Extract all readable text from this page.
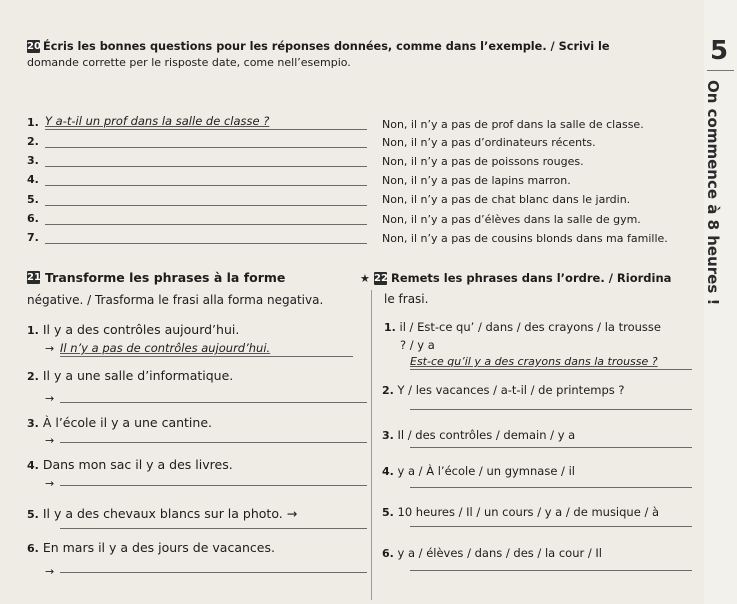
5
On commence à 8 heures !
20 Écris les bonnes questions pour les réponses données, comme dans l’exemple. / Scrivi le
domande corrette per le risposte date, come nell’esempio.
1. Y a-t-il un prof dans la salle de classe ?	Non, il n’y a pas de prof dans la salle de classe.
2.	Non, il n’y a pas d’ordinateurs récents.
3.	Non, il n’y a pas de poissons rouges.
4.	Non, il n’y a pas de lapins marron.
5.	Non, il n’y a pas de chat blanc dans le jardin.
6.	Non, il n’y a pas d’élèves dans la salle de gym.
7.	Non, il n’y a pas de cousins blonds dans ma famille.
21 Transforme les phrases à la forme
négative. / Trasforma le frasi alla forma negativa.
1. Il y a des contrôles aujourd’hui.
→ Il n’y a pas de contrôles aujourd’hui.
2. Il y a une salle d’informatique.
→
3. À l’école il y a une cantine.
→
4. Dans mon sac il y a des livres.
→
5. Il y a des chevaux blancs sur la photo. →
6. En mars il y a des jours de vacances.
→
★ 22 Remets les phrases dans l’ordre. / Riordina
le frasi.
1. il / Est-ce qu’ / dans / des crayons / la trousse
? / y a
Est-ce qu’il y a des crayons dans la trousse ?
2. Y / les vacances / a-t-il / de printemps ?
3. Il / des contrôles / demain / y a
4. y a / À l’école / un gymnase / il
5. 10 heures / Il / un cours / y a / de musique / à
6. y a / élèves / dans / des / la cour / Il
